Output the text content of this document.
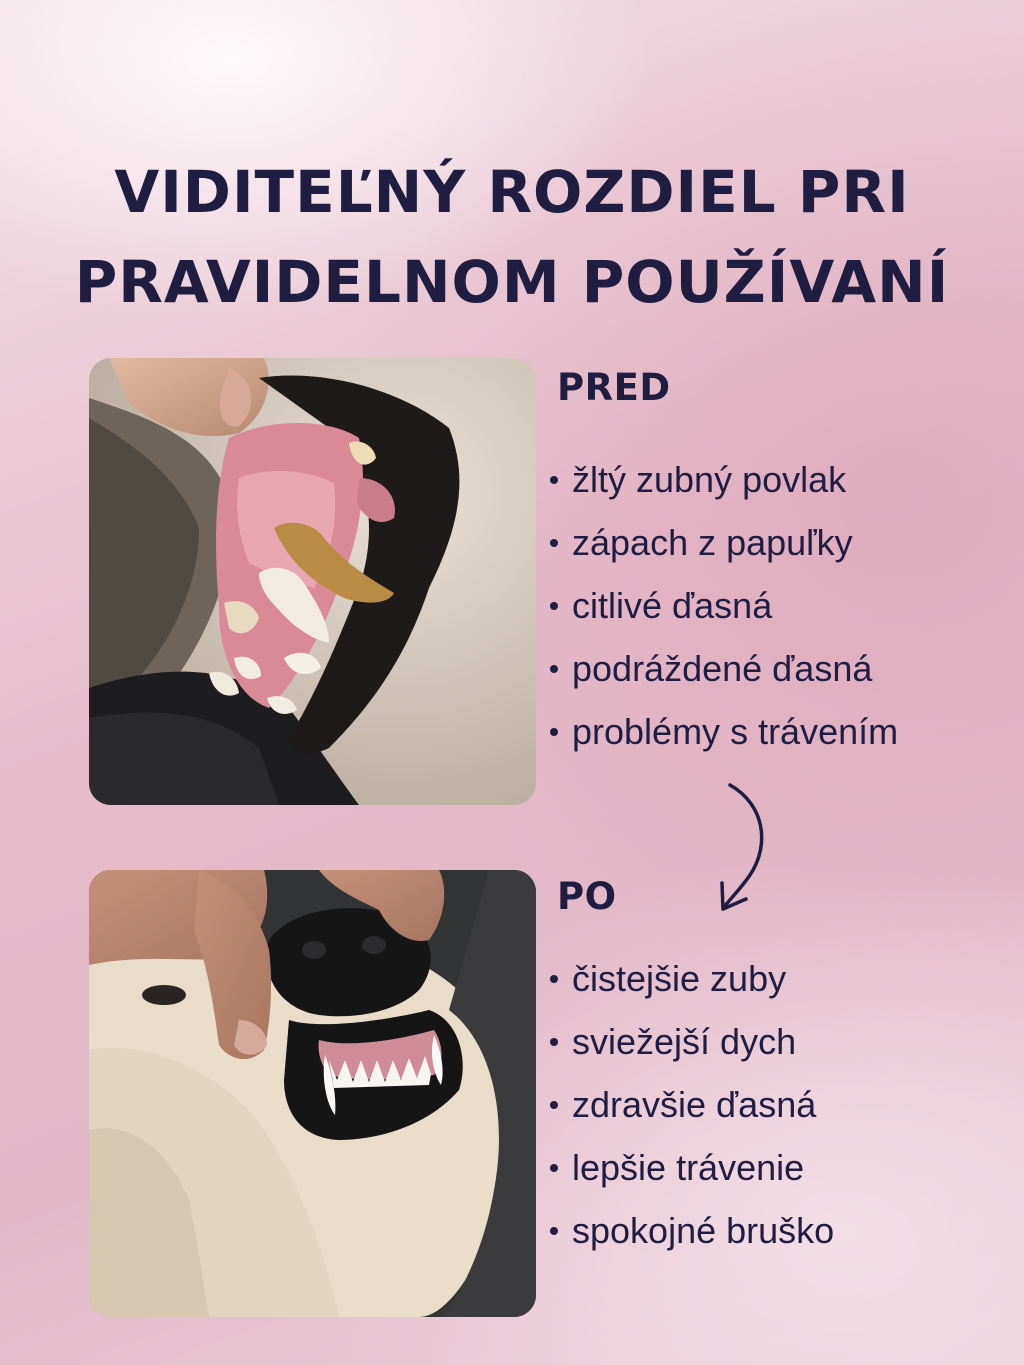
VIDITEĽNÝ ROZDIEL PRI
PRAVIDELNOM POUŽÍVANÍ
PRED
žltý zubný povlak
zápach z papuľky
citlivé ďasná
podráždené ďasná
problémy s trávením
PO
čistejšie zuby
sviežejší dych
zdravšie ďasná
lepšie trávenie
spokojné bruško
